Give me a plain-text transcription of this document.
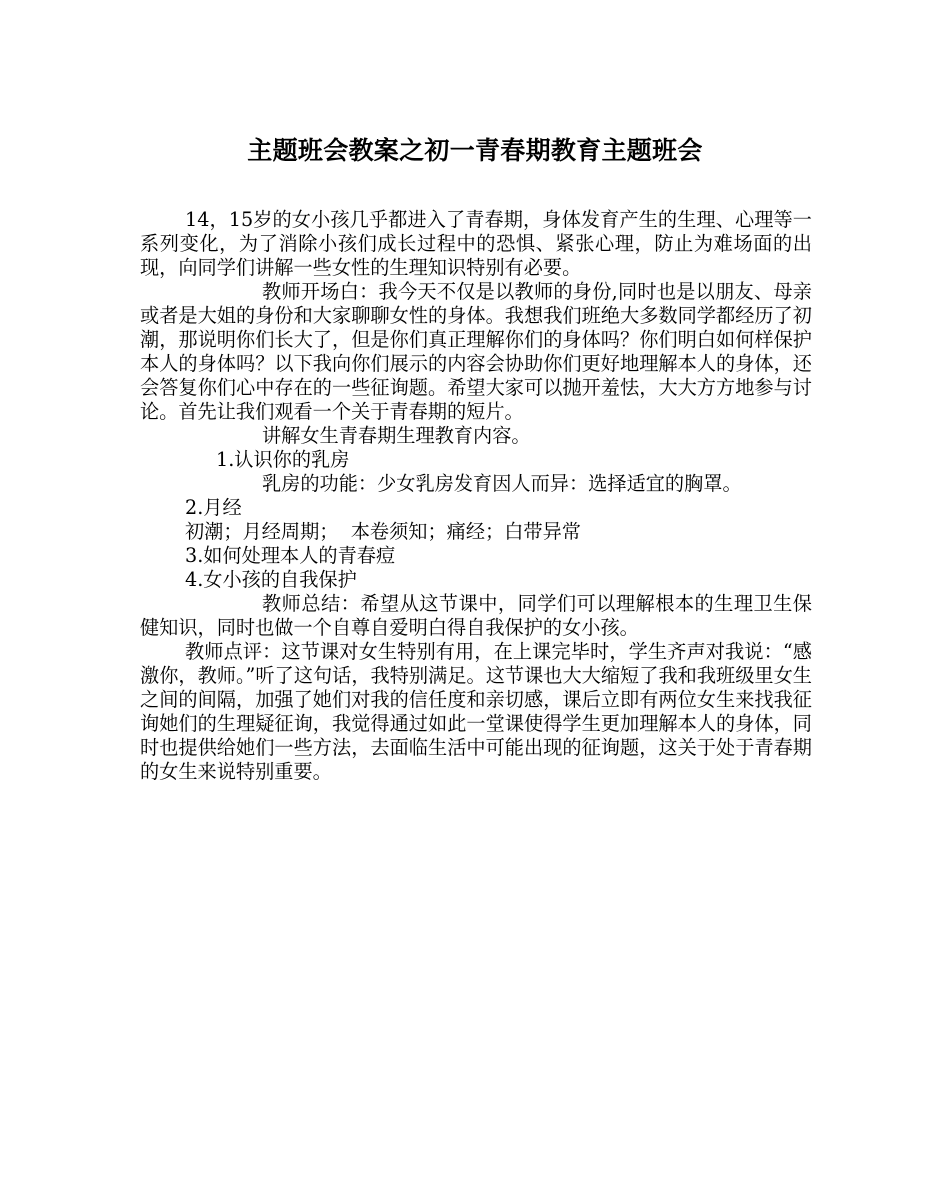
主题班会教案之初一青春期教育主题班会

14，15岁的女小孩几乎都进入了青春期，身体发育产生的生理、心理等一系列变化，为了消除小孩们成长过程中的恐惧、紧张心理，防止为难场面的出现，向同学们讲解一些女性的生理知识特别有必要。

教师开场白：我今天不仅是以教师的身份,同时也是以朋友、母亲或者是大姐的身份和大家聊聊女性的身体。我想我们班绝大多数同学都经历了初潮，那说明你们长大了，但是你们真正理解你们的身体吗？你们明白如何样保护本人的身体吗？以下我向你们展示的内容会协助你们更好地理解本人的身体，还会答复你们心中存在的一些征询题。希望大家可以抛开羞怯，大大方方地参与讨论。首先让我们观看一个关于青春期的短片。

讲解女生青春期生理教育内容。

1.认识你的乳房

乳房的功能：少女乳房发育因人而异：选择适宜的胸罩。

2.月经

初潮；月经周期；  本卷须知；痛经；白带异常

3.如何处理本人的青春痘

4.女小孩的自我保护

教师总结：希望从这节课中，同学们可以理解根本的生理卫生保健知识，同时也做一个自尊自爱明白得自我保护的女小孩。

教师点评：这节课对女生特别有用，在上课完毕时，学生齐声对我说：“感激你，教师。”听了这句话，我特别满足。这节课也大大缩短了我和我班级里女生之间的间隔，加强了她们对我的信任度和亲切感，课后立即有两位女生来找我征询她们的生理疑征询，我觉得通过如此一堂课使得学生更加理解本人的身体，同时也提供给她们一些方法，去面临生活中可能出现的征询题，这关于处于青春期的女生来说特别重要。
